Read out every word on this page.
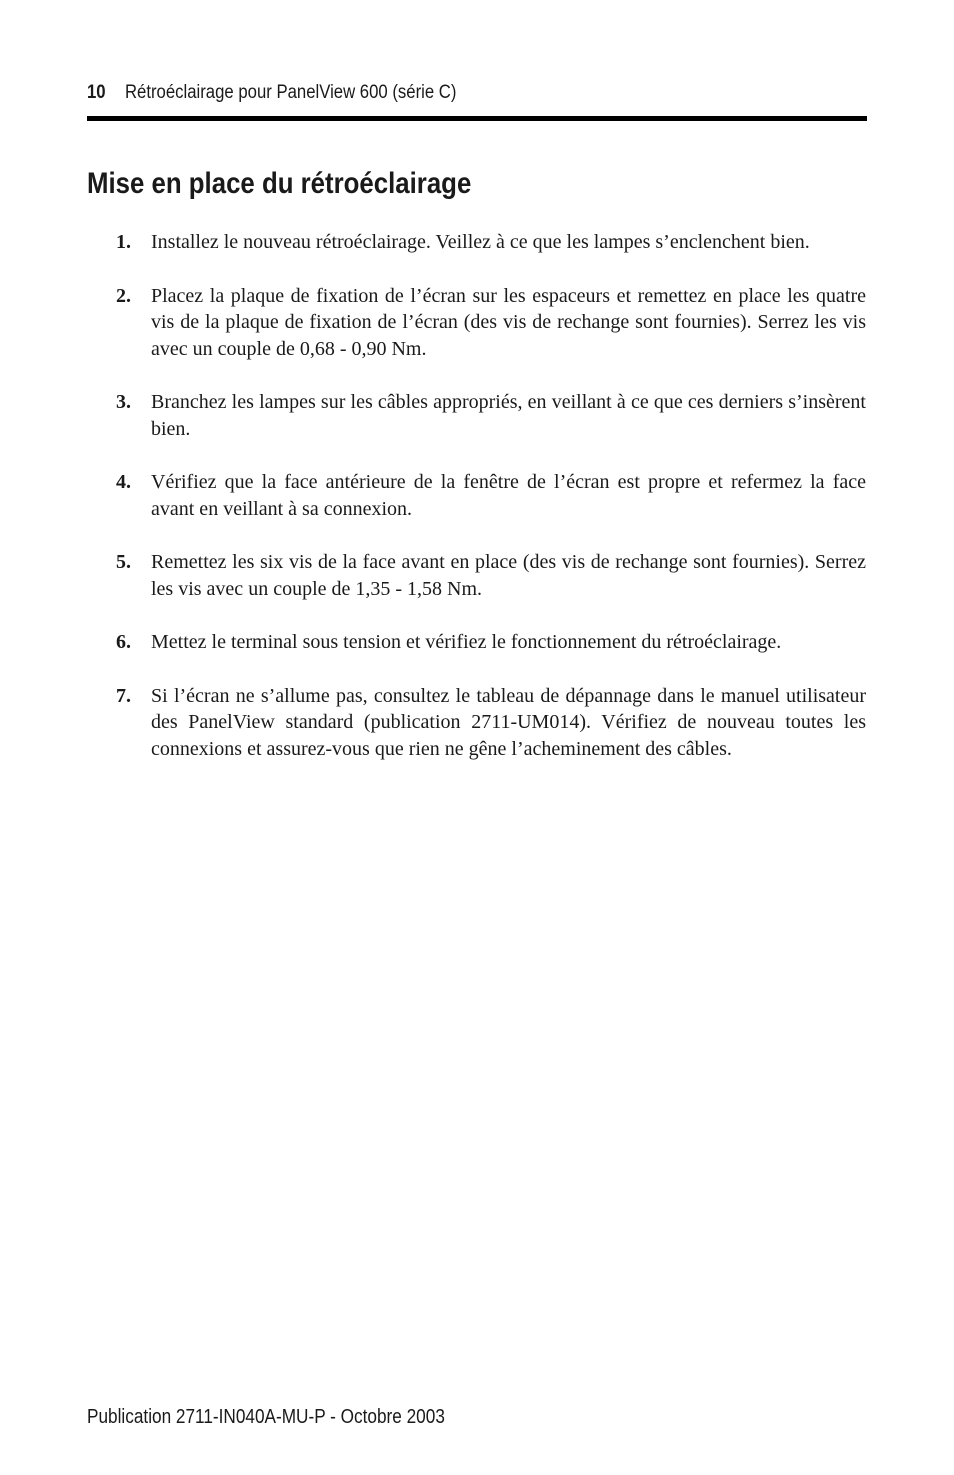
10 Rétroéclairage pour PanelView 600 (série C)
Mise en place du rétroéclairage
1.	Installez le nouveau rétroéclairage. Veillez à ce que les lampes s’enclenchent bien.
2.	Placez la plaque de fixation de l’écran sur les espaceurs et remettez en place les quatre vis de la plaque de fixation de l’écran (des vis de rechange sont fournies). Serrez les vis avec un couple de 0,68 - 0,90 Nm.
3.	Branchez les lampes sur les câbles appropriés, en veillant à ce que ces derniers s’insèrent bien.
4.	Vérifiez que la face antérieure de la fenêtre de l’écran est propre et refermez la face avant en veillant à sa connexion.
5.	Remettez les six vis de la face avant en place (des vis de rechange sont fournies). Serrez les vis avec un couple de 1,35 - 1,58 Nm.
6.	Mettez le terminal sous tension et vérifiez le fonctionnement du rétroéclairage.
7.	Si l’écran ne s’allume pas, consultez le tableau de dépannage dans le manuel utilisateur des PanelView standard (publication 2711-UM014). Vérifiez de nouveau toutes les connexions et assurez-vous que rien ne gêne l’acheminement des câbles.
Publication 2711-IN040A-MU-P - Octobre 2003
